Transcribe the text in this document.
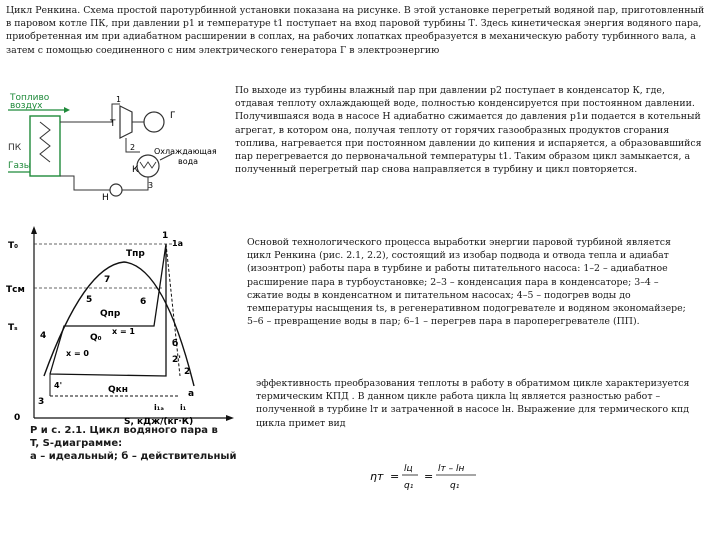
Цикл Ренкина. Схема простой паротурбинной установки показана на рисунке. В этой установке перегретый водяной пар, приготовленный в паровом котле ПК, при давлении р1 и температуре t1 поступает на вход паровой турбины Т. Здесь кинетическая энергия водяного пара, приобретенная им при адиабатном расширении в соплах, на рабочих лопатках преобразуется в механическую работу турбинного вала, а затем с помощью соединенного с ним электрического генератора Г в электроэнергию

По выходе из турбины влажный пар при давлении р2 поступает в конденсатор К, где, отдавая теплоту охлаждающей воде, полностью конденсируется при постоянном давлении. Получившаяся вода в насосе Н адиабатно сжимается до давления р1и подается в котельный агрегат, в котором она, получая теплоту от горячих газообразных продуктов сгорания топлива, нагревается при постоянном давлении до кипения и испаряется, а образовавшийся пар перегревается до первоначальной температуры t1. Таким образом цикл замыкается, а полученный перегретый пар снова направляется в турбину и цикл повторяется.

Топливо
воздух
ПК
Газы
1
Т
Г
2
К
Охлаждающая
вода
Н
3

Основой технологического процесса выработки энергии паровой турбиной является цикл Ренкина (рис. 2.1, 2.2), состоящий из изобар подвода и отвода тепла и адиабат (изоэнтроп) работы пара в турбине и работы питательного насоса: 1–2 – адиабатное расширение пара в турбоустановке; 2–3 – конденсация пара в конденсаторе; 3–4 – сжатие воды в конденсатном и питательном насосах; 4–5 – подогрев воды до температуры насыщения ts, в регенеративном подогревателе и водяном экономайзере; 5–6 – превращение воды в пар; 6–1 – перегрев пара в пароперегревателе (ПП).

T₀
Tсм
Tₛ
0
Tпр
Qпр
Q₀
x = 1
x = 0
Qкн	а
б
1а
1
5	6
7
3
4
2'
2
4'
i₁ₐ i₁
S, кДж/(кг·К)
Р и с. 2.1. Цикл водяного пара в
T, S-диаграмме:
а – идеальный; б – действительный

эффективность преобразования теплоты в работу в обратимом цикле характеризуется термическим КПД . В данном цикле работа цикла lц является разностью работ – полученной в турбине lт и затраченной в насосе lн. Выражение для термического кпд цикла примет вид

ηт =
lц
q₁
=
lт – lн
q₁
